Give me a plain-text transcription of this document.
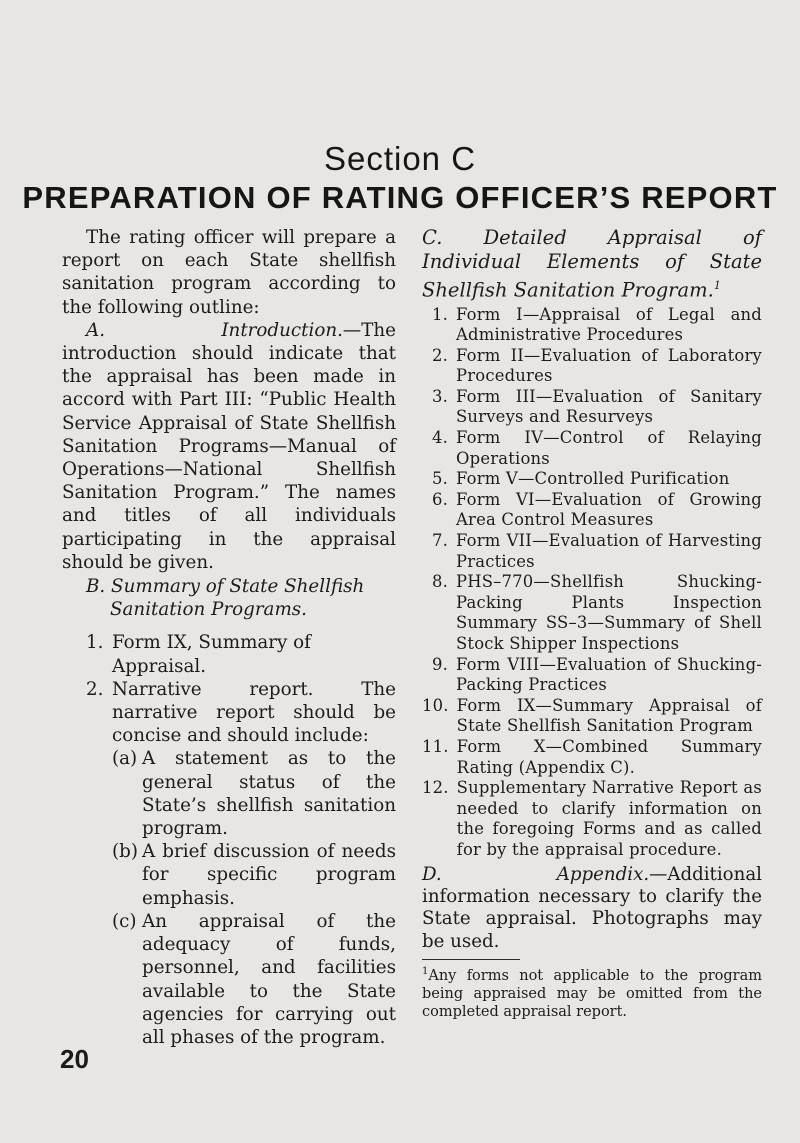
Section C
PREPARATION OF RATING OFFICER’S REPORT

The rating officer will prepare a report on each State shellfish sanitation program according to the following outline:

A. Introduction.—The introduction should indicate that the appraisal has been made in accord with Part III: “Public Health Service Appraisal of State Shellfish Sanitation Programs—Manual of Operations—National Shellfish Sanitation Program.” The names and titles of all individuals participating in the appraisal should be given.

B. Summary of State Shellfish Sanitation Programs.

1. Form IX, Summary of Appraisal.
2. Narrative report. The narrative report should be concise and should include:
(a) A statement as to the general status of the State’s shellfish sanitation program.
(b) A brief discussion of needs for specific program emphasis.
(c) An appraisal of the adequacy of funds, personnel, and facilities available to the State agencies for carrying out all phases of the program.

C. Detailed Appraisal of Individual Elements of State Shellfish Sanitation Program.$^1$

1. Form I—Appraisal of Legal and Administrative Procedures
2. Form II—Evaluation of Laboratory Procedures
3. Form III—Evaluation of Sanitary Surveys and Resurveys
4. Form IV—Control of Relaying Operations
5. Form V—Controlled Purification
6. Form VI—Evaluation of Growing Area Control Measures
7. Form VII—Evaluation of Harvesting Practices
8. PHS–770—Shellfish Shucking-Packing Plants Inspection Summary SS–3—Summary of Shell Stock Shipper Inspections
9. Form VIII—Evaluation of Shucking-Packing Practices
10. Form IX—Summary Appraisal of State Shellfish Sanitation Program
11. Form X—Combined Summary Rating (Appendix C).
12. Supplementary Narrative Report as needed to clarify information on the foregoing Forms and as called for by the appraisal procedure.

D. Appendix.—Additional information necessary to clarify the State appraisal. Photographs may be used.

$^1$Any forms not applicable to the program being appraised may be omitted from the completed appraisal report.

20
